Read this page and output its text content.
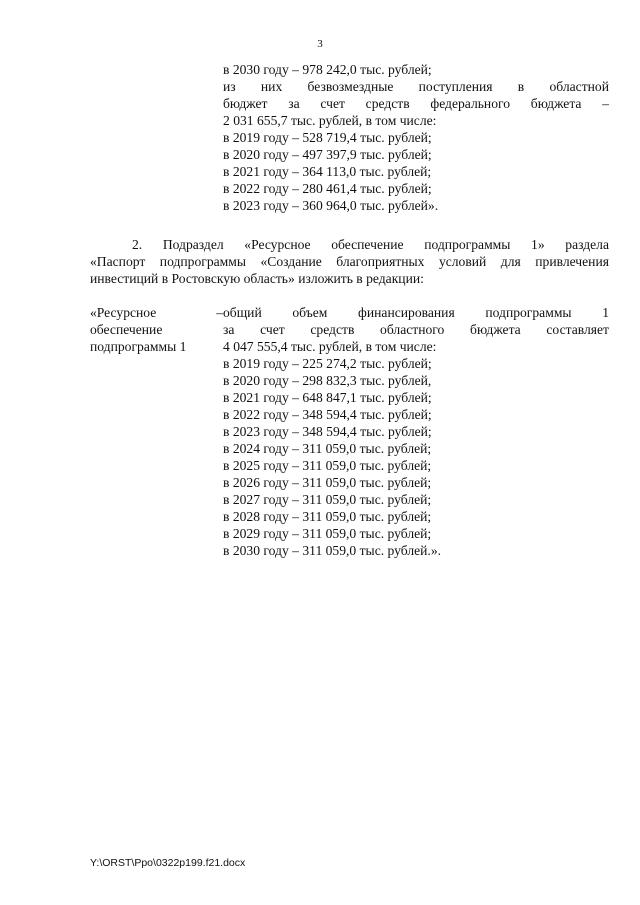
3
в 2030 году – 978 242,0 тыс. рублей;
из них безвозмездные поступления в областной
бюджет за счет средств федерального бюджета –
2 031 655,7 тыс. рублей, в том числе:
в 2019 году – 528 719,4 тыс. рублей;
в 2020 году – 497 397,9 тыс. рублей;
в 2021 году – 364 113,0 тыс. рублей;
в 2022 году – 280 461,4 тыс. рублей;
в 2023 году – 360 964,0 тыс. рублей».
2. Подраздел «Ресурсное обеспечение подпрограммы 1» раздела
«Паспорт подпрограммы «Создание благоприятных условий для привлечения
инвестиций в Ростовскую область» изложить в редакции:
«Ресурсное	–
обеспечение
подпрограммы 1
общий объем финансирования подпрограммы 1
за счет средств областного бюджета составляет
4 047 555,4 тыс. рублей, в том числе:
в 2019 году – 225 274,2 тыс. рублей;
в 2020 году – 298 832,3 тыс. рублей,
в 2021 году – 648 847,1 тыс. рублей;
в 2022 году – 348 594,4 тыс. рублей;
в 2023 году – 348 594,4 тыс. рублей;
в 2024 году – 311 059,0 тыс. рублей;
в 2025 году – 311 059,0 тыс. рублей;
в 2026 году – 311 059,0 тыс. рублей;
в 2027 году – 311 059,0 тыс. рублей;
в 2028 году – 311 059,0 тыс. рублей;
в 2029 году – 311 059,0 тыс. рублей;
в 2030 году – 311 059,0 тыс. рублей.».
Y:\ORST\Ppo\0322p199.f21.docx
